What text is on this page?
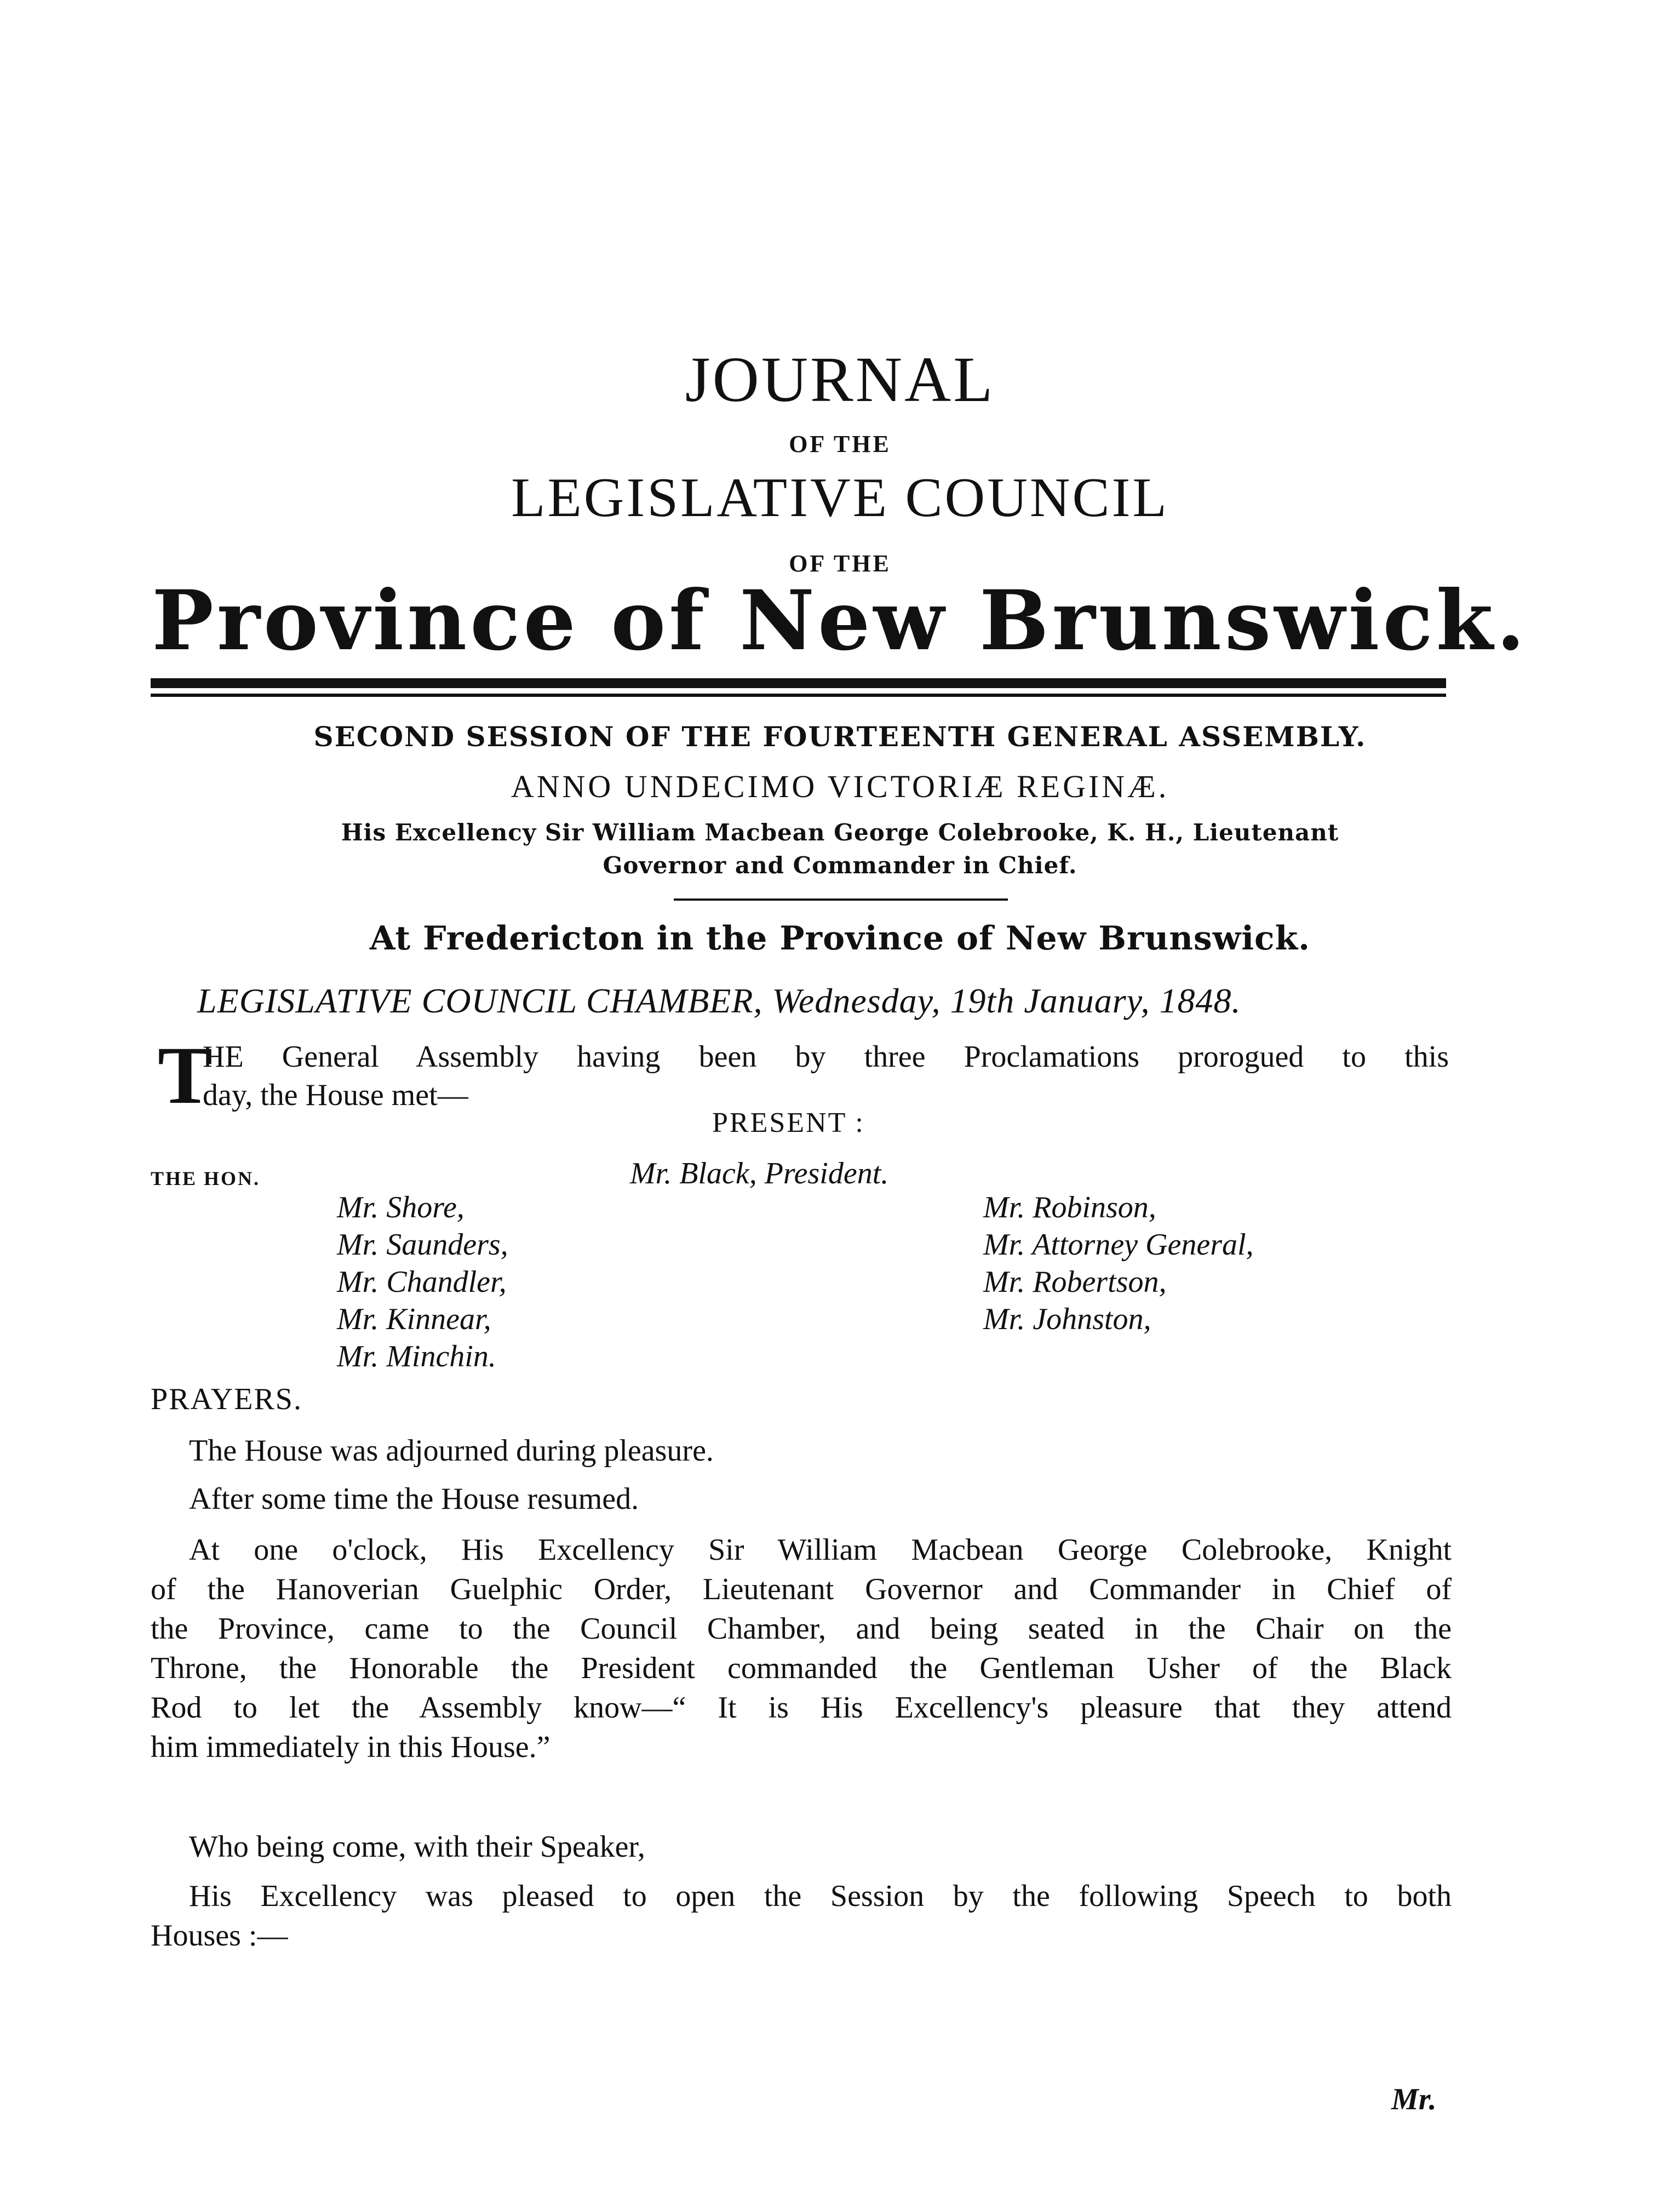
JOURNAL
OF THE
LEGISLATIVE COUNCIL
OF THE
Province of New Brunswick.
SECOND SESSION OF THE FOURTEENTH GENERAL ASSEMBLY.
ANNO UNDECIMO VICTORIÆ REGINÆ.
His Excellency Sir William Macbean George Colebrooke, K. H., Lieutenant
Governor and Commander in Chief.
At Fredericton in the Province of New Brunswick.
LEGISLATIVE COUNCIL CHAMBER, Wednesday, 19th January, 1848.
T
HE General Assembly having been by three Proclamations prorogued to this
day, the House met—
PRESENT :
THE HON.	Mr. Black, President.
Mr. Shore,
Mr. Saunders,
Mr. Chandler,
Mr. Kinnear,
Mr. Minchin.
Mr. Robinson,
Mr. Attorney General,
Mr. Robertson,
Mr. Johnston,
PRAYERS.
The House was adjourned during pleasure.
After some time the House resumed.
At one o'clock, His Excellency Sir William Macbean George Colebrooke, Knight
of the Hanoverian Guelphic Order, Lieutenant Governor and Commander in Chief of
the Province, came to the Council Chamber, and being seated in the Chair on the
Throne, the Honorable the President commanded the Gentleman Usher of the Black
Rod to let the Assembly know—“ It is His Excellency's pleasure that they attend
him immediately in this House.”
Who being come, with their Speaker,
His Excellency was pleased to open the Session by the following Speech to both
Houses :—
Mr.
